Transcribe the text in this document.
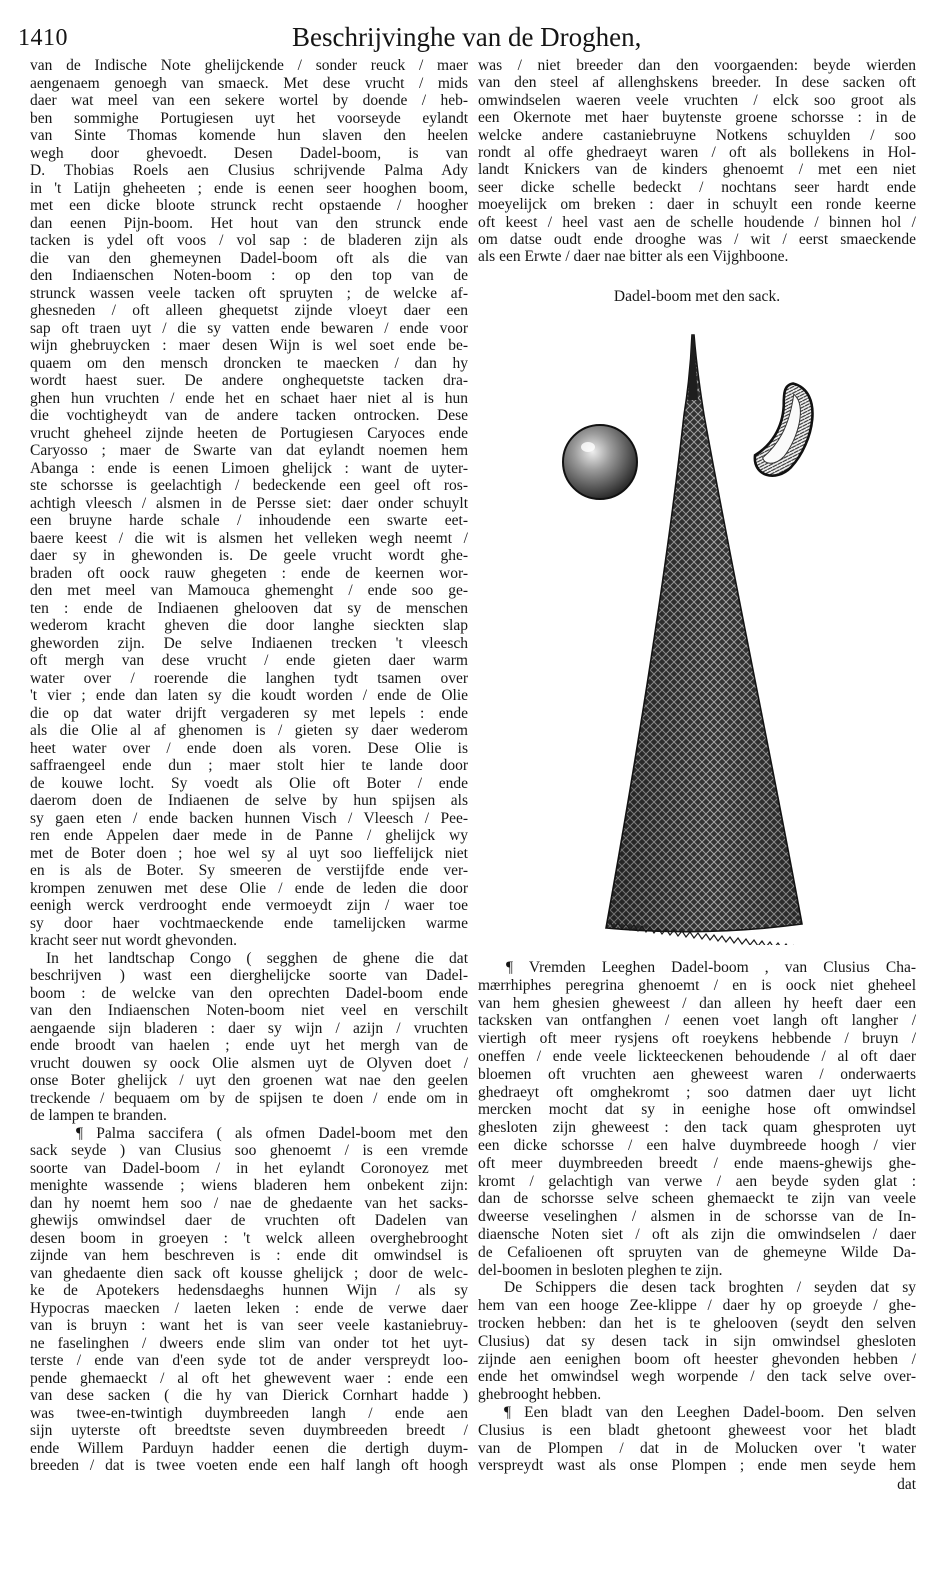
1410	Beschrijvinghe van de Droghen,
van de Indische Note ghelijckende / sonder reuck / maer
aengenaem genoegh van smaeck. Met dese vrucht / mids
daer wat meel van een sekere wortel by doende / heb-
ben sommighe Portugiesen uyt het voorseyde eylandt
van Sinte Thomas komende hun slaven den heelen
wegh door ghevoedt. Desen Dadel-boom, is van
D. Thobias Roels aen Clusius schrijvende Palma Ady
in 't Latijn gheheeten ; ende is eenen seer hooghen boom,
met een dicke bloote strunck recht opstaende / hoogher
dan eenen Pijn-boom. Het hout van den strunck ende
tacken is ydel oft voos / vol sap : de bladeren zijn als
die van den ghemeynen Dadel-boom oft als die van
den Indiaenschen Noten-boom : op den top van de
strunck wassen veele tacken oft spruyten ; de welcke af-
ghesneden / oft alleen ghequetst zijnde vloeyt daer een
sap oft traen uyt / die sy vatten ende bewaren / ende voor
wijn ghebruycken : maer desen Wijn is wel soet ende be-
quaem om den mensch droncken te maecken / dan hy
wordt haest suer. De andere onghequetste tacken dra-
ghen hun vruchten / ende het en schaet haer niet al is hun
die vochtigheydt van de andere tacken ontrocken. Dese
vrucht gheheel zijnde heeten de Portugiesen Caryoces ende
Caryosso ; maer de Swarte van dat eylandt noemen hem
Abanga : ende is eenen Limoen ghelijck : want de uyter-
ste schorsse is geelachtigh / bedeckende een geel oft ros-
achtigh vleesch / alsmen in de Persse siet: daer onder schuylt
een bruyne harde schale / inhoudende een swarte eet-
baere keest / die wit is alsmen het velleken wegh neemt /
daer sy in ghewonden is. De geele vrucht wordt ghe-
braden oft oock rauw ghegeten : ende de keernen wor-
den met meel van Mamouca ghemenght / ende soo ge-
ten : ende de Indiaenen ghelooven dat sy de menschen
wederom kracht gheven die door langhe sieckten slap
gheworden zijn. De selve Indiaenen trecken 't vleesch
oft mergh van dese vrucht / ende gieten daer warm
water over / roerende die langhen tydt tsamen over
't vier ; ende dan laten sy die koudt worden / ende de Olie
die op dat water drijft vergaderen sy met lepels : ende
als die Olie al af ghenomen is / gieten sy daer wederom
heet water over / ende doen als voren. Dese Olie is
saffraengeel ende dun ; maer stolt hier te lande door
de kouwe locht. Sy voedt als Olie oft Boter / ende
daerom doen de Indiaenen de selve by hun spijsen als
sy gaen eten / ende backen hunnen Visch / Vleesch / Pee-
ren ende Appelen daer mede in de Panne / ghelijck wy
met de Boter doen ; hoe wel sy al uyt soo lieffelijck niet
en is als de Boter. Sy smeeren de verstijfde ende ver-
krompen zenuwen met dese Olie / ende de leden die door
eenigh werck verdrooght ende vermoeydt zijn / waer toe
sy door haer vochtmaeckende ende tamelijcken warme
kracht seer nut wordt ghevonden.
In het landtschap Congo ( segghen de ghene die dat
beschrijven ) wast een dierghelijcke soorte van Dadel-
boom : de welcke van den oprechten Dadel-boom ende
van den Indiaenschen Noten-boom niet veel en verschilt
aengaende sijn bladeren : daer sy wijn / azijn / vruchten
ende broodt van haelen ; ende uyt het mergh van de
vrucht douwen sy oock Olie alsmen uyt de Olyven doet /
onse Boter ghelijck / uyt den groenen wat nae den geelen
treckende / bequaem om by de spijsen te doen / ende om in
de lampen te branden.
¶ Palma saccifera ( als ofmen Dadel-boom met den
sack seyde ) van Clusius soo ghenoemt / is een vremde
soorte van Dadel-boom / in het eylandt Coronoyez met
menighte wassende ; wiens bladeren hem onbekent zijn:
dan hy noemt hem soo / nae de ghedaente van het sacks-
ghewijs omwindsel daer de vruchten oft Dadelen van
desen boom in groeyen : 't welck alleen overghebrooght
zijnde van hem beschreven is : ende dit omwindsel is
van ghedaente dien sack oft kousse ghelijck ; door de welc-
ke de Apotekers hedensdaeghs hunnen Wijn / als sy
Hypocras maecken / laeten leken : ende de verwe daer
van is bruyn : want het is van seer veele kastaniebruy-
ne faselinghen / dweers ende slim van onder tot het uyt-
terste / ende van d'een syde tot de ander verspreydt loo-
pende ghemaeckt / al oft het ghewevent waer : ende een
van dese sacken ( die hy van Dierick Cornhart hadde )
was twee-en-twintigh duymbreeden langh / ende aen
sijn uyterste oft breedtste seven duymbreeden breedt /
ende Willem Parduyn hadder eenen die dertigh duym-
breeden / dat is twee voeten ende een half langh oft hoogh
was / niet breeder dan den voorgaenden: beyde wierden
van den steel af allenghskens breeder. In dese sacken oft
omwindselen waeren veele vruchten / elck soo groot als
een Okernote met haer buytenste groene schorsse : in de
welcke andere castaniebruyne Notkens schuylden / soo
rondt al offe ghedraeyt waren / oft als bollekens in Hol-
landt Knickers van de kinders ghenoemt / met een niet
seer dicke schelle bedeckt / nochtans seer hardt ende
moeyelijck om breken : daer in schuylt een ronde keerne
oft keest / heel vast aen de schelle houdende / binnen hol /
om datse oudt ende drooghe was / wit / eerst smaeckende
als een Erwte / daer nae bitter als een Vijghboone.
Dadel-boom met den sack.
¶ Vremden Leeghen Dadel-boom , van Clusius Cha-
mærrhiphes peregrina ghenoemt / en is oock niet gheheel
van hem ghesien gheweest / dan alleen hy heeft daer een
tacksken van ontfanghen / eenen voet langh oft langher /
viertigh oft meer rysjens oft roeykens hebbende / bruyn /
oneffen / ende veele lickteeckenen behoudende / al oft daer
bloemen oft vruchten aen gheweest waren / onderwaerts
ghedraeyt oft omghekromt ; soo datmen daer uyt licht
mercken mocht dat sy in eenighe hose oft omwindsel
ghesloten zijn gheweest : den tack quam ghesproten uyt
een dicke schorsse / een halve duymbreede hoogh / vier
oft meer duymbreeden breedt / ende maens-ghewijs ghe-
kromt / gelachtigh van verwe / aen beyde syden glat :
dan de schorsse selve scheen ghemaeckt te zijn van veele
dweerse veselinghen / alsmen in de schorsse van de In-
diaensche Noten siet / oft als zijn die omwindselen / daer
de Cefalioenen oft spruyten van de ghemeyne Wilde Da-
del-boomen in besloten pleghen te zijn.
De Schippers die desen tack broghten / seyden dat sy
hem van een hooge Zee-klippe / daer hy op groeyde / ghe-
trocken hebben: dan het is te ghelooven (seydt den selven
Clusius) dat sy desen tack in sijn omwindsel ghesloten
zijnde aen eenighen boom oft heester ghevonden hebben /
ende het omwindsel wegh worpende / den tack selve over-
ghebrooght hebben.
¶ Een bladt van den Leeghen Dadel-boom. Den selven
Clusius is een bladt ghetoont gheweest voor het bladt
van de Plompen / dat in de Molucken over 't water
verspreydt wast als onse Plompen ; ende men seyde hem
dat
